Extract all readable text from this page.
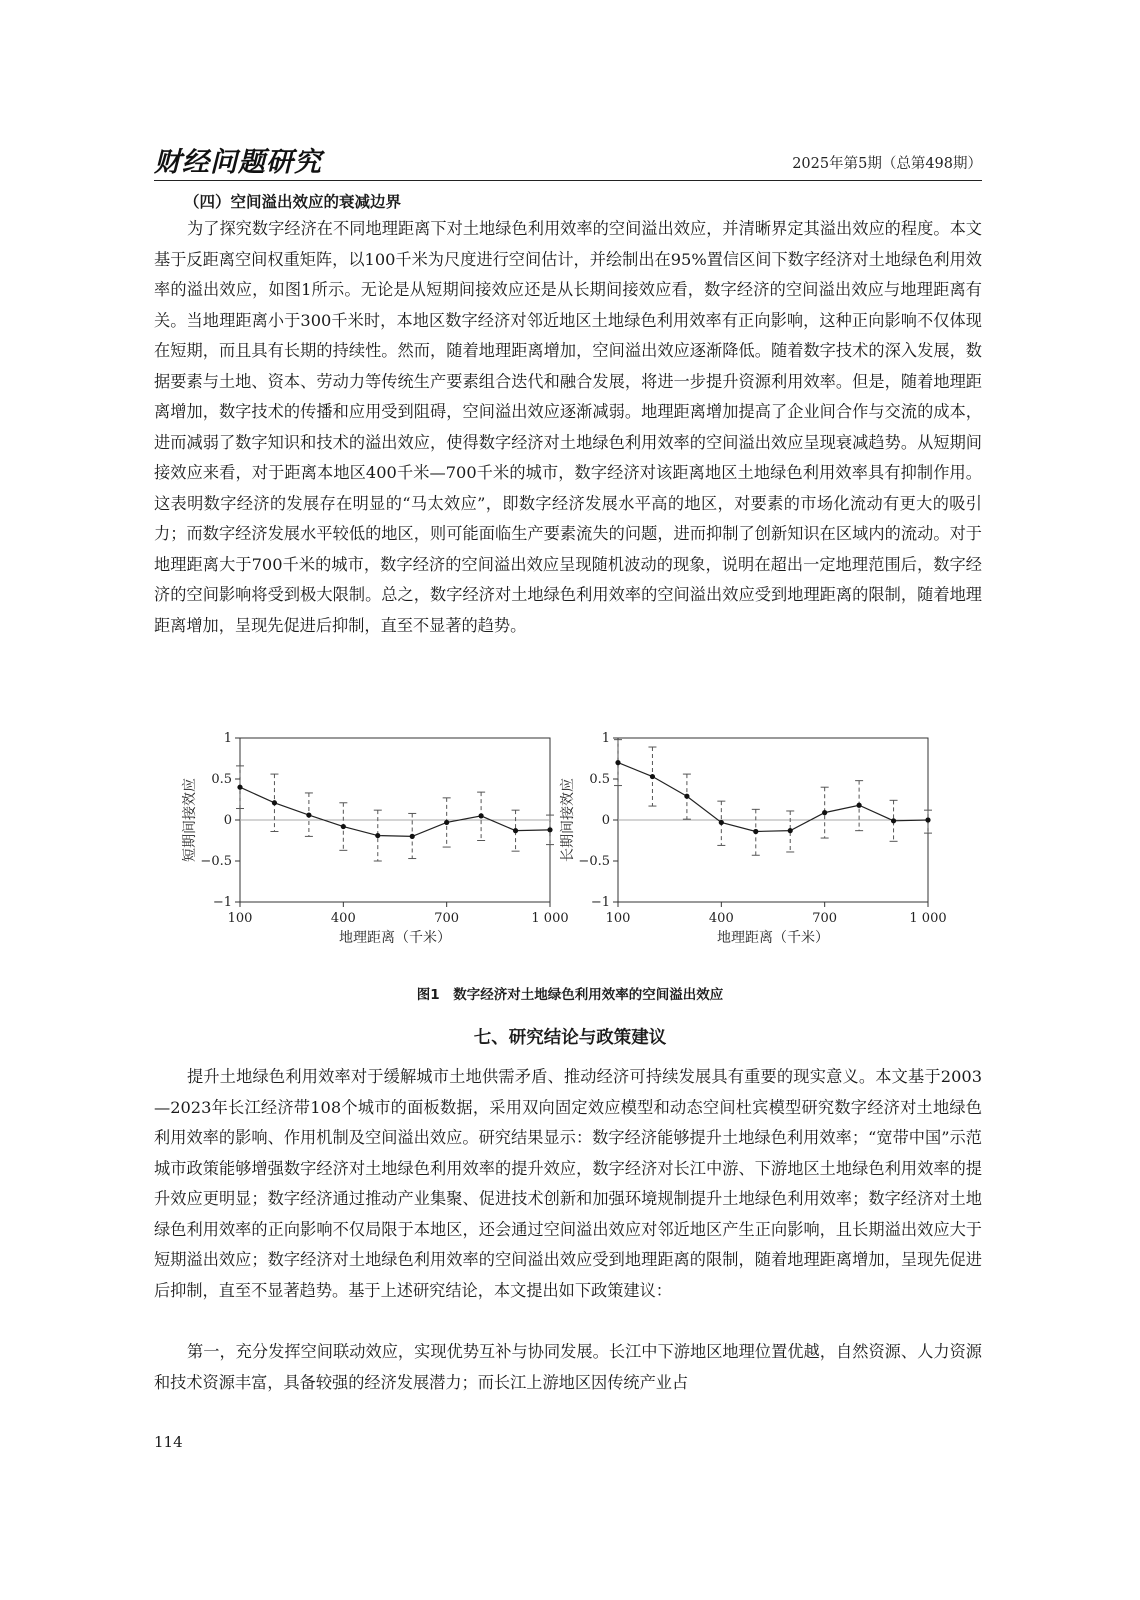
财经问题研究	2025年第5期（总第498期）
（四）空间溢出效应的衰减边界

为了探究数字经济在不同地理距离下对土地绿色利用效率的空间溢出效应，并清晰界定其溢出效应的程度。本文基于反距离空间权重矩阵，以100千米为尺度进行空间估计，并绘制出在95%置信区间下数字经济对土地绿色利用效率的溢出效应，如图1所示。无论是从短期间接效应还是从长期间接效应看，数字经济的空间溢出效应与地理距离有关。当地理距离小于300千米时，本地区数字经济对邻近地区土地绿色利用效率有正向影响，这种正向影响不仅体现在短期，而且具有长期的持续性。然而，随着地理距离增加，空间溢出效应逐渐降低。随着数字技术的深入发展，数据要素与土地、资本、劳动力等传统生产要素组合迭代和融合发展，将进一步提升资源利用效率。但是，随着地理距离增加，数字技术的传播和应用受到阻碍，空间溢出效应逐渐减弱。地理距离增加提高了企业间合作与交流的成本，进而减弱了数字知识和技术的溢出效应，使得数字经济对土地绿色利用效率的空间溢出效应呈现衰减趋势。从短期间接效应来看，对于距离本地区400千米—700千米的城市，数字经济对该距离地区土地绿色利用效率具有抑制作用。这表明数字经济的发展存在明显的“马太效应”，即数字经济发展水平高的地区，对要素的市场化流动有更大的吸引力；而数字经济发展水平较低的地区，则可能面临生产要素流失的问题，进而抑制了创新知识在区域内的流动。对于地理距离大于700千米的城市，数字经济的空间溢出效应呈现随机波动的现象，说明在超出一定地理范围后，数字经济的空间影响将受到极大限制。总之，数字经济对土地绿色利用效率的空间溢出效应受到地理距离的限制，随着地理距离增加，呈现先促进后抑制，直至不显著的趋势。

1
0.5
0
−0.5
−1
100	400	700	1 000
地理距离（千米）
短期间接效应
1
0.5
0
−0.5
−1
100	400	700	1 000
地理距离（千米）
长期间接效应
图1　数字经济对土地绿色利用效率的空间溢出效应
七、研究结论与政策建议

提升土地绿色利用效率对于缓解城市土地供需矛盾、推动经济可持续发展具有重要的现实意义。本文基于2003—2023年长江经济带108个城市的面板数据，采用双向固定效应模型和动态空间杜宾模型研究数字经济对土地绿色利用效率的影响、作用机制及空间溢出效应。研究结果显示：数字经济能够提升土地绿色利用效率；“宽带中国”示范城市政策能够增强数字经济对土地绿色利用效率的提升效应，数字经济对长江中游、下游地区土地绿色利用效率的提升效应更明显；数字经济通过推动产业集聚、促进技术创新和加强环境规制提升土地绿色利用效率；数字经济对土地绿色利用效率的正向影响不仅局限于本地区，还会通过空间溢出效应对邻近地区产生正向影响，且长期溢出效应大于短期溢出效应；数字经济对土地绿色利用效率的空间溢出效应受到地理距离的限制，随着地理距离增加，呈现先促进后抑制，直至不显著趋势。基于上述研究结论，本文提出如下政策建议：

第一，充分发挥空间联动效应，实现优势互补与协同发展。长江中下游地区地理位置优越，自然资源、人力资源和技术资源丰富，具备较强的经济发展潜力；而长江上游地区因传统产业占

114
